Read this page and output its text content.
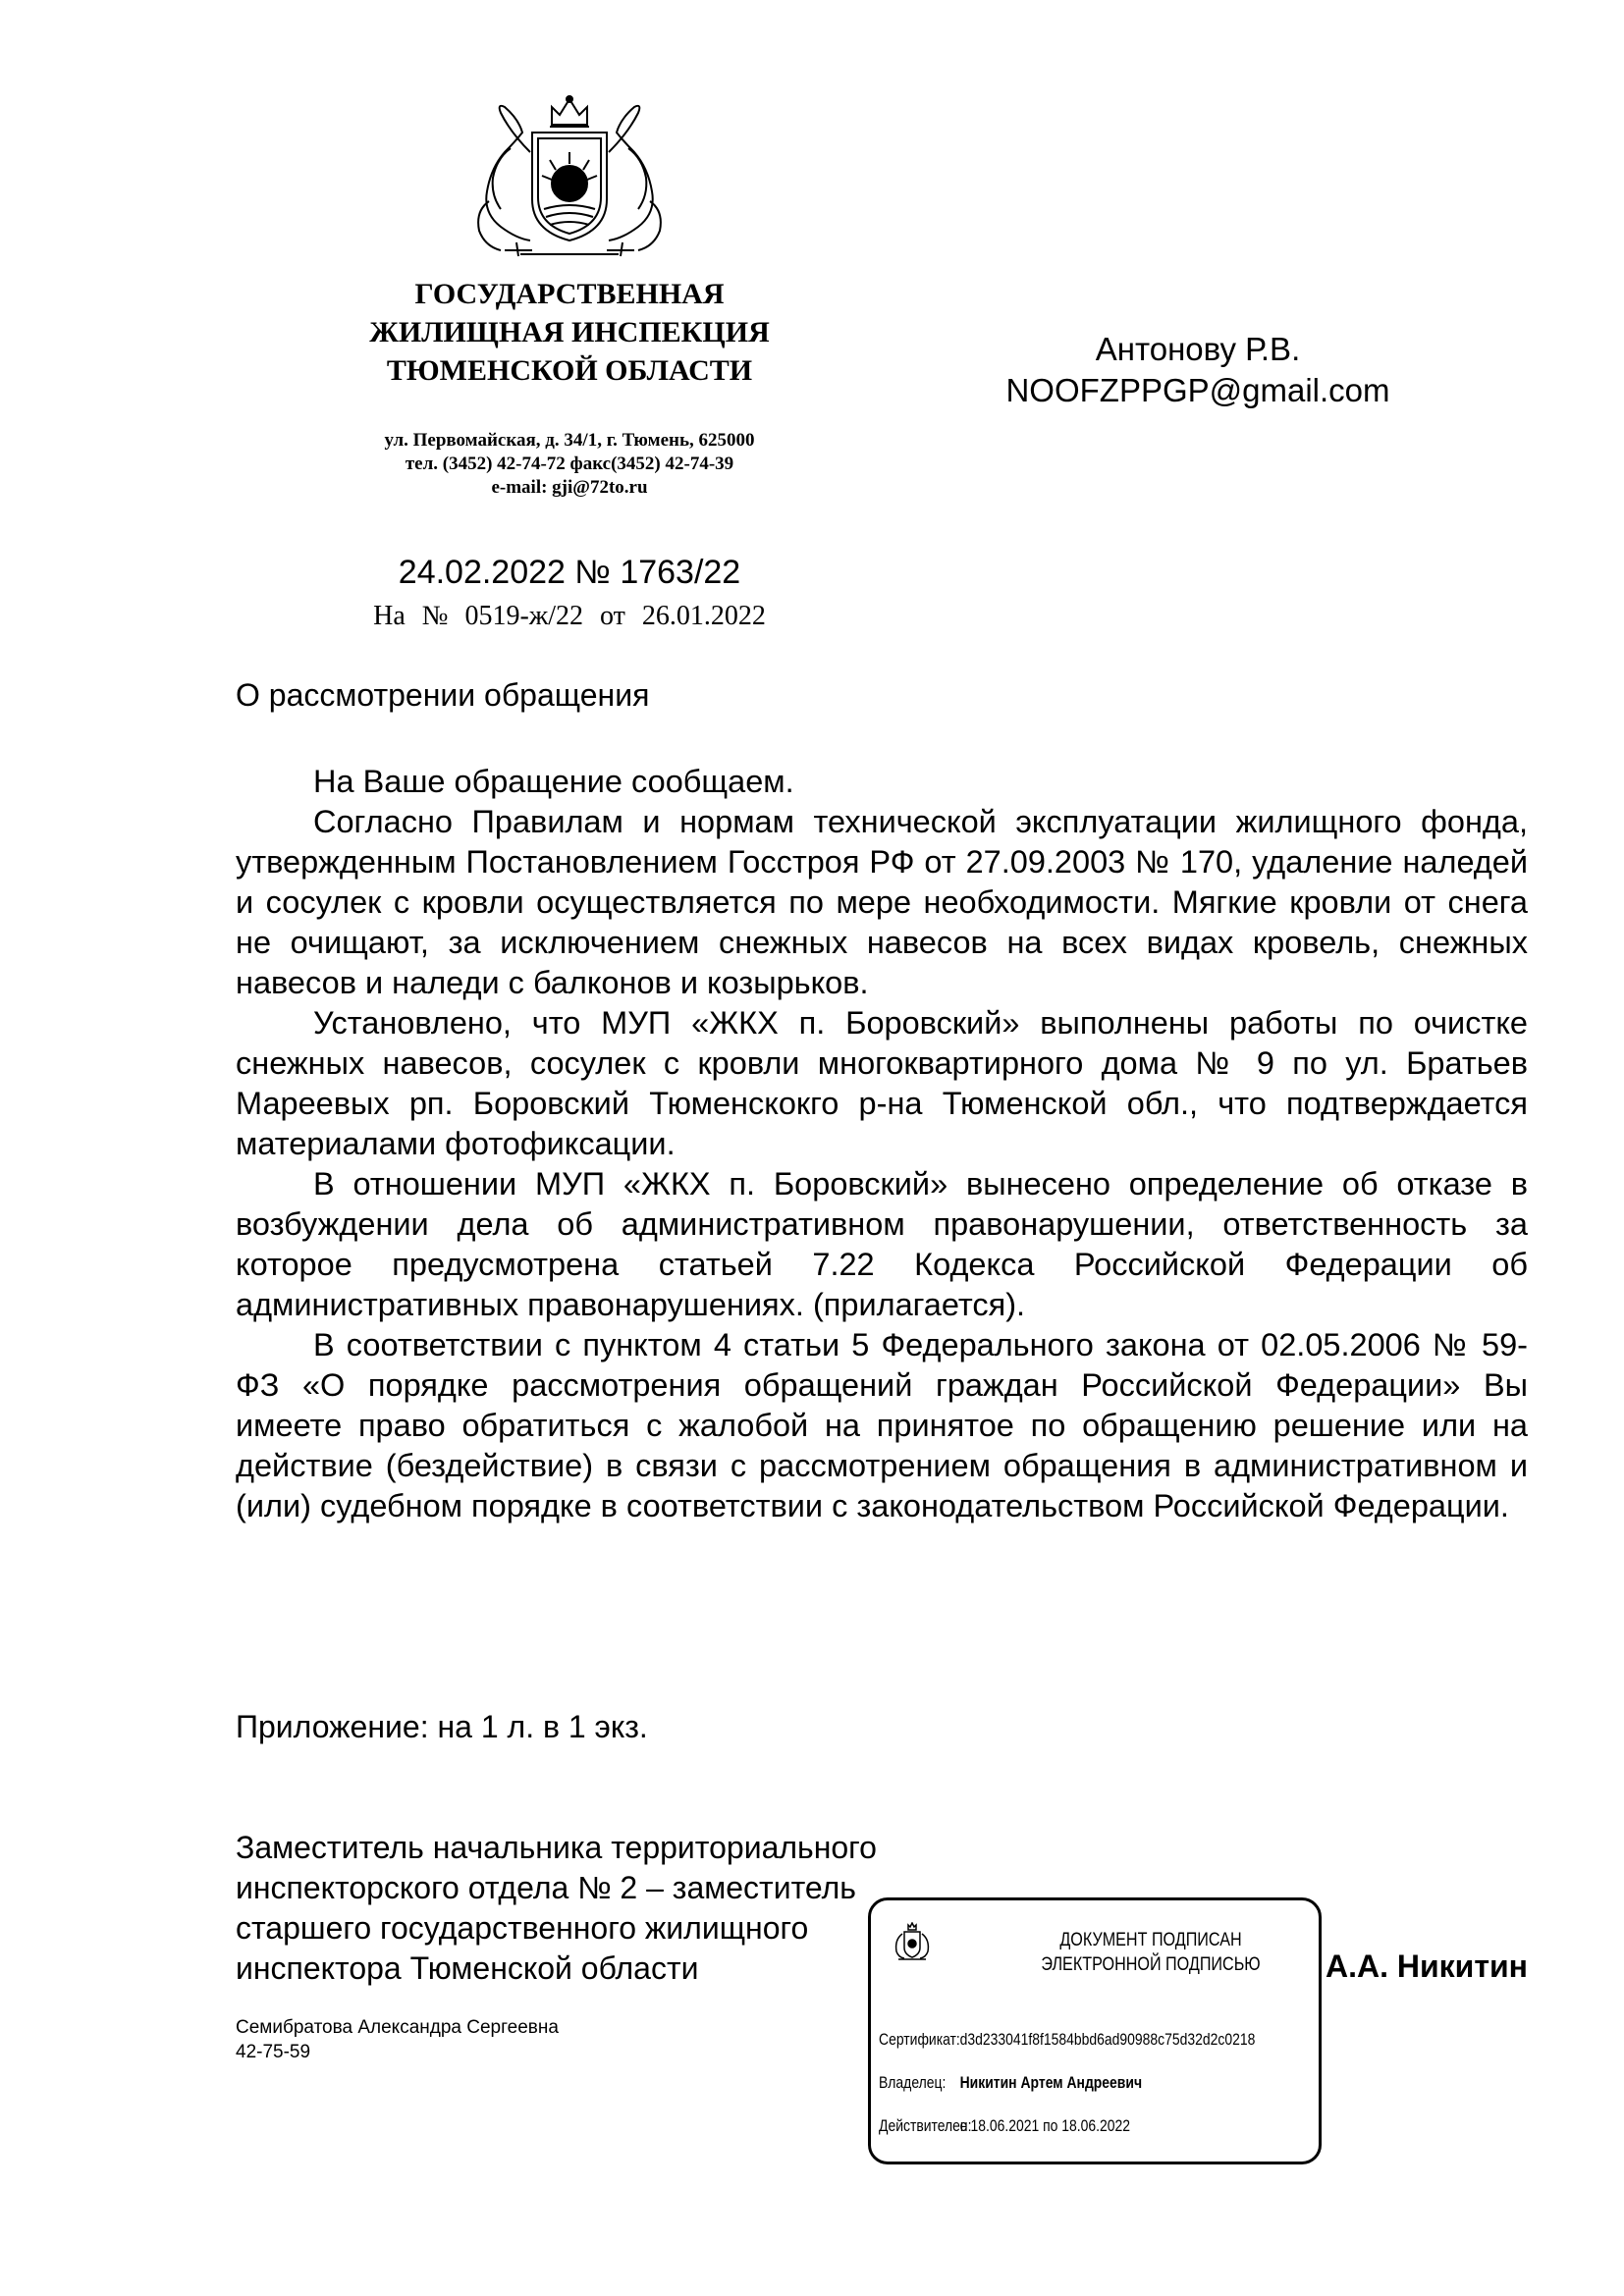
ГОСУДАРСТВЕННАЯ
ЖИЛИЩНАЯ ИНСПЕКЦИЯ
ТЮМЕНСКОЙ ОБЛАСТИ
ул. Первомайская, д. 34/1, г. Тюмень, 625000
тел. (3452) 42-74-72 факс(3452) 42-74-39
e-mail: gji@72to.ru
Антонову Р.В.
NOOFZPPGP@gmail.com
24.02.2022 № 1763/22
На № 0519-ж/22 от 26.01.2022
О рассмотрении обращения

На Ваше обращение сообщаем.

Согласно Правилам и нормам технической эксплуатации жилищного фонда, утвержденным Постановлением Госстроя РФ от 27.09.2003 № 170, удаление наледей и сосулек с кровли осуществляется по мере необходимости. Мягкие кровли от снега не очищают, за исключением снежных навесов на всех видах кровель, снежных навесов и наледи с балконов и козырьков.

Установлено, что МУП «ЖКХ п. Боровский» выполнены работы по очистке снежных навесов, сосулек с кровли многоквартирного дома № 9 по ул. Братьев Мареевых рп. Боровский Тюменскокго р-на Тюменской обл., что подтверждается материалами фотофиксации.

В отношении МУП «ЖКХ п. Боровский» вынесено определение об отказе в возбуждении дела об административном правонарушении, ответственность за которое предусмотрена статьей 7.22 Кодекса Российской Федерации об административных правонарушениях. (прилагается).

В соответствии с пунктом 4 статьи 5 Федерального закона от 02.05.2006 № 59-ФЗ «О порядке рассмотрения обращений граждан Российской Федерации» Вы имеете право обратиться с жалобой на принятое по обращению решение или на действие (бездействие) в связи с рассмотрением обращения в административном и (или) судебном порядке в соответствии с законодательством Российской Федерации.

Приложение: на 1 л. в 1 экз.
Заместитель начальника территориального
инспекторского отдела № 2 – заместитель
старшего государственного жилищного
инспектора Тюменской области	А.А. Никитин
Семибратова Александра Сергеевна
42-75-59
ДОКУМЕНТ ПОДПИСАН
ЭЛЕКТРОННОЙ ПОДПИСЬЮ
Сертификат: d3d233041f8f1584bbd6ad90988c75d32d2c0218
Владелец: Никитин Артем Андреевич
Действителен: с 18.06.2021 по 18.06.2022
